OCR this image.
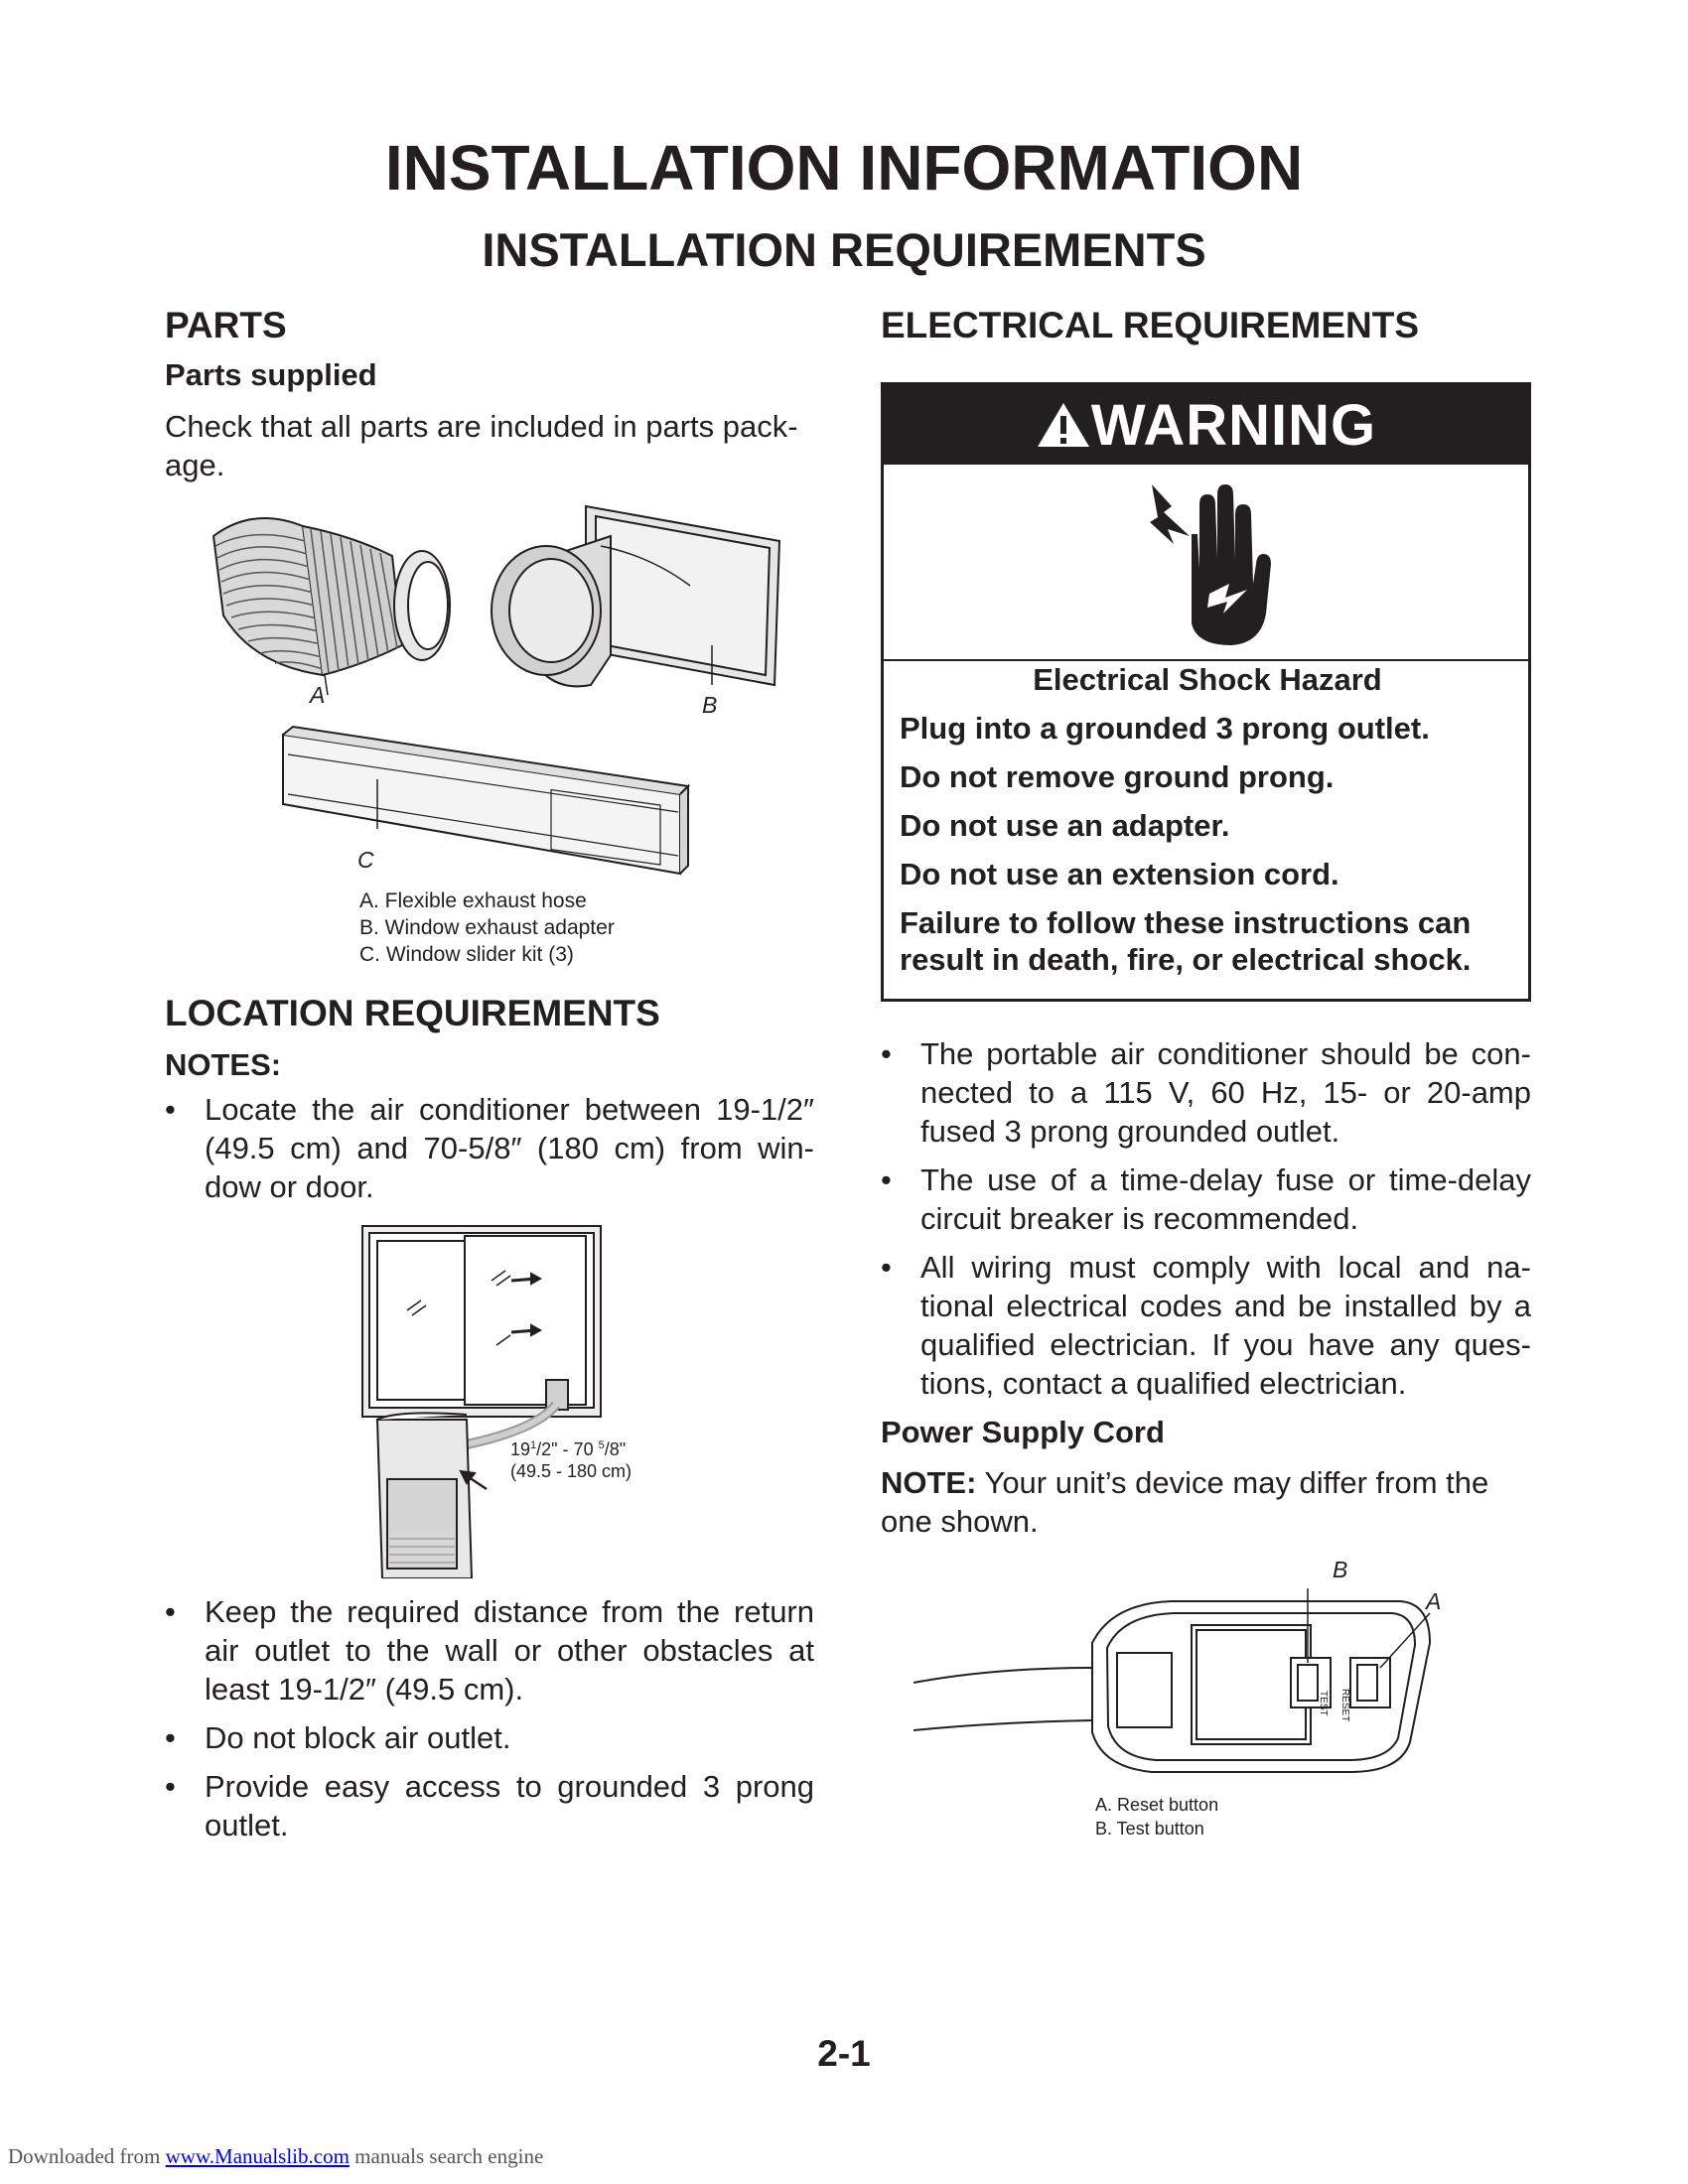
INSTALLATION INFORMATION
INSTALLATION REQUIREMENTS

PARTS

Parts supplied

Check that all parts are included in parts pack-

age.

A	B
C
A. Flexible exhaust hose
B. Window exhaust adapter
C. Window slider kit (3)

LOCATION REQUIREMENTS

NOTES:

• Locate the air conditioner between 19-1/2″ (49.5 cm) and 70-5/8″ (180 cm) from win-dow or door.
$19^1/2$" - 70 $^5$/8"
(49.5 - 180 cm)
• Keep the required distance from the return air outlet to the wall or other obstacles at least 19-1/2″ (49.5 cm).
• Do not block air outlet.
• Provide easy access to grounded 3 prong outlet.

ELECTRICAL REQUIREMENTS

WARNING

Electrical Shock Hazard

Plug into a grounded 3 prong outlet.

Do not remove ground prong.

Do not use an adapter.

Do not use an extension cord.

Failure to follow these instructions can result in death, fire, or electrical shock.

• The portable air conditioner should be con-nected to a 115 V, 60 Hz, 15- or 20-amp fused 3 prong grounded outlet.
• The use of a time-delay fuse or time-delay circuit breaker is recommended.
• All wiring must comply with local and na-tional electrical codes and be installed by a qualified electrician. If you have any ques-tions, contact a qualified electrician.

Power Supply Cord

NOTE: Your unit’s device may differ from the one shown.

TEST RESET
B
A
A. Reset button
B. Test button
2-1
Downloaded from www.Manualslib.com manuals search engine
